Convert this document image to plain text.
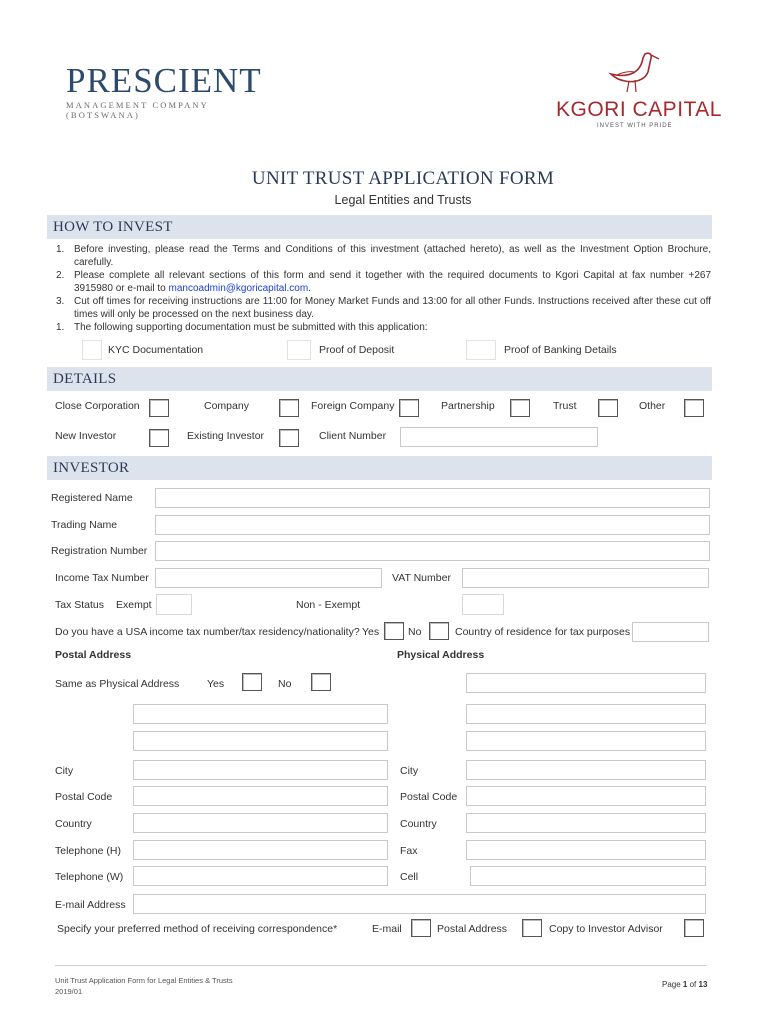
PRESCIENT
MANAGEMENT COMPANY (BOTSWANA)	KGORI CAPITAL
INVEST WITH PRIDE
UNIT TRUST APPLICATION FORM
Legal Entities and Trusts
HOW TO INVEST
1. Before investing, please read the Terms and Conditions of this investment (attached hereto), as well as the Investment Option Brochure, carefully.
2. Please complete all relevant sections of this form and send it together with the required documents to Kgori Capital at fax number +267 3915980 or e-mail to mancoadmin@kgoricapital.com.
3. Cut off times for receiving instructions are 11:00 for Money Market Funds and 13:00 for all other Funds. Instructions received after these cut off times will only be processed on the next business day.
1. The following supporting documentation must be submitted with this application:
KYC Documentation	Proof of Deposit	Proof of Banking Details
DETAILS
Close Corporation	Company	Foreign Company	Partnership	Trust	Other
New Investor	Existing Investor	Client Number
INVESTOR
Registered Name
Trading Name
Registration Number
Income Tax Number	VAT Number
Tax Status Exempt	Non - Exempt
Do you have a USA income tax number/tax residency/nationality? Yes	No	Country of residence for tax purposes
Postal Address	Physical Address
Same as Physical Address	Yes	No
City	City
Postal Code	Postal Code
Country	Country
Telephone (H)	Fax
Telephone (W)	Cell
E-mail Address
Specify your preferred method of receiving correspondence*	E-mail	Postal Address	Copy to Investor Advisor
Unit Trust Application Form for Legal Entities & Trusts
2019/01
Page 1 of 13
